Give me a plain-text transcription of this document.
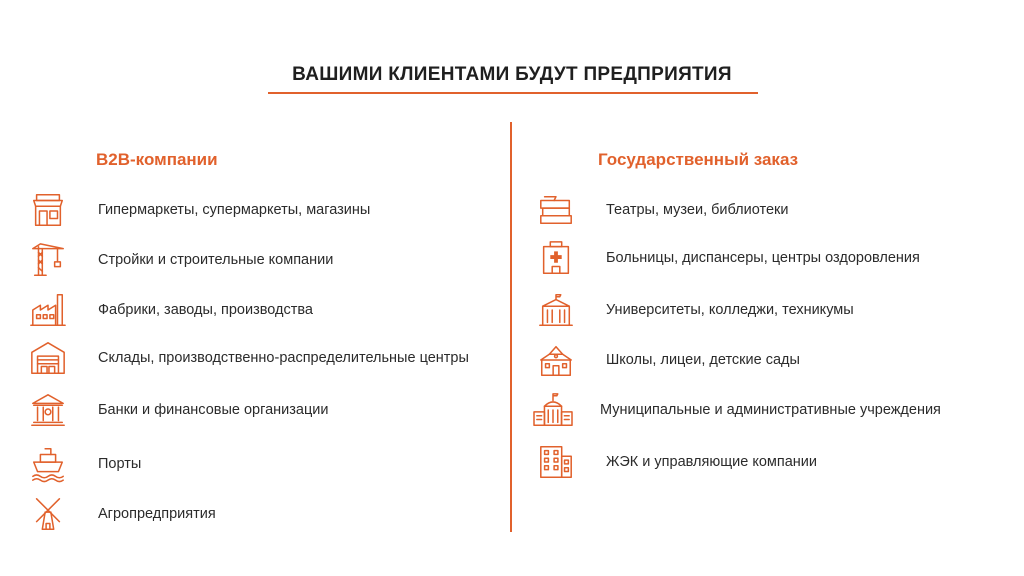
ВАШИМИ КЛИЕНТАМИ БУДУТ ПРЕДПРИЯТИЯ
B2B-компании
Гипермаркеты, супермаркеты, магазины
Стройки и строительные компании
Фабрики, заводы, производства
Склады, производственно-распределительные центры
Банки и финансовые организации
Порты
Агропредприятия
Государственный заказ
Театры, музеи, библиотеки
Больницы, диспансеры, центры оздоровления
Университеты, колледжи, техникумы
Школы, лицеи, детские сады
Муниципальные и административные учреждения
ЖЭК и управляющие компании
